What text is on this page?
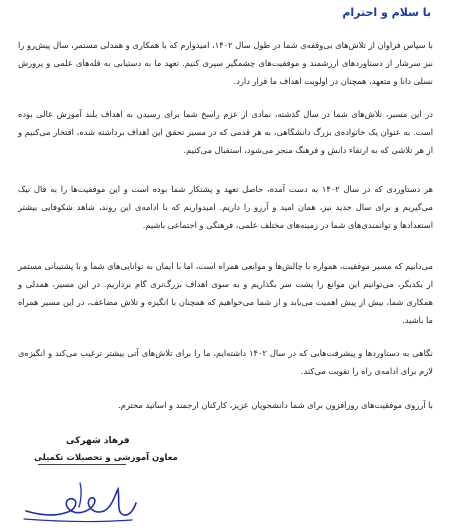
با سلام و احترام

با سپاس فراوان از تلاش‌های بی‌وقفه‌ی شما در طول سال ۱۴۰۲، امیدوارم که با همکاری و همدلی مستمر، سال پیش‌رو را نیز سرشار از دستاوردهای ارزشمند و موفقیت‌های چشمگیر سپری کنیم. تعهد ما به دستیابی به قله‌های علمی و پرورش نسلی دانا و متعهد، همچنان در اولویت اهداف ما قرار دارد.

در این مسیر، تلاش‌های شما در سال گذشته، نمادی از عزم راسخ شما برای رسیدن به اهداف بلند آموزش عالی بوده است. به عنوان یک خانواده‌ی بزرگ دانشگاهی، به هر قدمی که در مسیر تحقق این اهداف برداشته شده، افتخار می‌کنیم و از هر تلاشی که به ارتقاء دانش و فرهنگ منجر می‌شود، استقبال می‌کنیم.

هر دستاوردی که در سال ۱۴۰۲ به دست آمده، حاصل تعهد و پشتکار شما بوده است و این موفقیت‌ها را به فال نیک می‌گیریم و برای سال جدید نیز، همان امید و آرزو را داریم. امیدواریم که با ادامه‌ی این روند، شاهد شکوفایی بیشتر استعدادها و توانمندی‌های شما در زمینه‌های مختلف علمی، فرهنگی و اجتماعی باشیم.

می‌دانیم که مسیر موفقیت، همواره با چالش‌ها و موانعی همراه است، اما با ایمان به توانایی‌های شما و با پشتیبانی مستمر از یکدیگر، می‌توانیم این موانع را پشت سر بگذاریم و به سوی اهداف بزرگ‌تری گام برداریم. در این مسیر، همدلی و همکاری شما، بیش از پیش اهمیت می‌یابد و از شما می‌خواهیم که همچنان با انگیزه و تلاش مضاعف، در این مسیر همراه ما باشید.

نگاهی به دستاوردها و پیشرفت‌هایی که در سال ۱۴۰۲ داشته‌ایم، ما را برای تلاش‌های آتی بیشتر ترغیب می‌کند و انگیزه‌ی لازم برای ادامه‌ی راه را تقویت می‌کند.

با آرزوی موفقیت‌های روزافزون برای شما دانشجویان عزیز، کارکنان ارجمند و اساتید محترم.

فرهاد شهرکی
معاون آموزشی و تحصیلات تکمیلی
